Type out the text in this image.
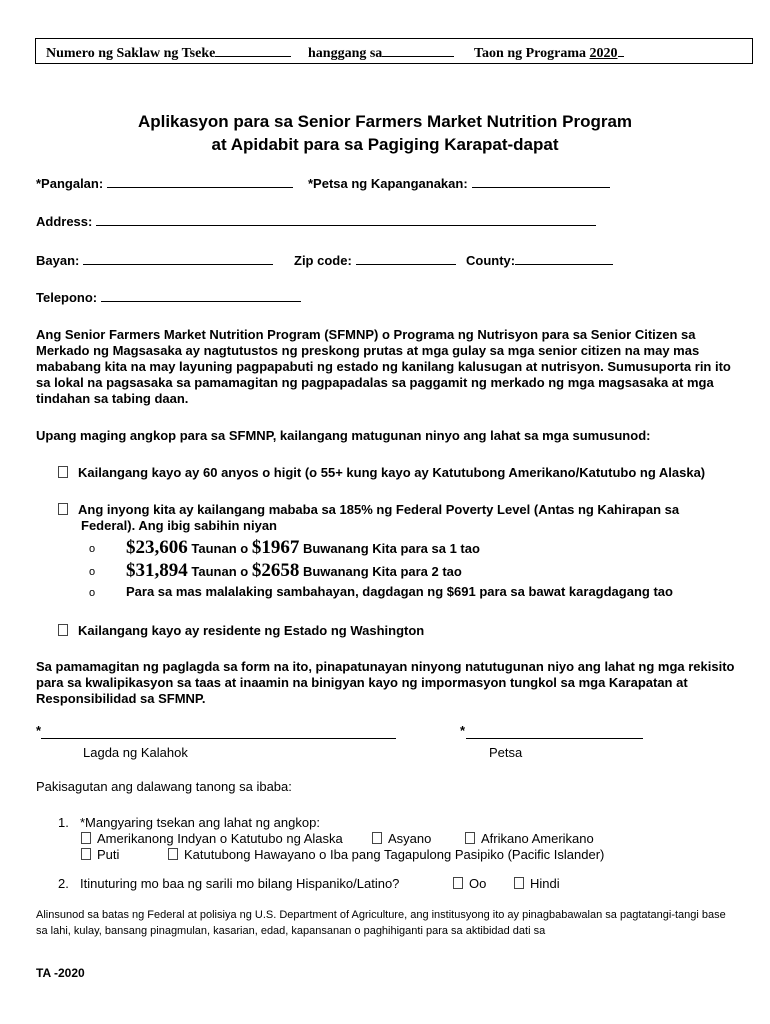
Numero ng Saklaw ng Tseke	hanggang sa	Taon ng Programa 2020
Aplikasyon para sa Senior Farmers Market Nutrition Program
at Apidabit para sa Pagiging Karapat-dapat
*Pangalan:	*Petsa ng Kapanganakan:
Address:
Bayan:	Zip code:	County:
Telepono:

Ang Senior Farmers Market Nutrition Program (SFMNP) o Programa ng Nutrisyon para sa Senior Citizen sa Merkado ng Magsasaka ay nagtutustos ng preskong prutas at mga gulay sa mga senior citizen na may mas mababang kita na may layuning pagpapabuti ng estado ng kanilang kalusugan at nutrisyon. Sumusuporta rin ito sa lokal na pagsasaka sa pamamagitan ng pagpapadalas sa paggamit ng merkado ng mga magsasaka at mga tindahan sa tabing daan.

Upang maging angkop para sa SFMNP, kailangang matugunan ninyo ang lahat sa mga sumusunod:

Kailangang kayo ay 60 anyos o higit (o 55+ kung kayo ay Katutubong Amerikano/Katutubo ng Alaska)
Ang inyong kita ay kailangang mababa sa 185% ng Federal Poverty Level (Antas ng Kahirapan sa
Federal). Ang ibig sabihin niyan
o $23,606 Taunan o $1967 Buwanang Kita para sa 1 tao
o $31,894 Taunan o $2658 Buwanang Kita para 2 tao
o Para sa mas malalaking sambahayan, dagdagan ng $691 para sa bawat karagdagang tao
Kailangang kayo ay residente ng Estado ng Washington

Sa pamamagitan ng paglagda sa form na ito, pinapatunayan ninyong natutugunan niyo ang lahat ng mga rekisito para sa kwalipikasyon sa taas at inaamin na binigyan kayo ng impormasyon tungkol sa mga Karapatan at Responsibilidad sa SFMNP.

*
Lagda ng Kalahok
*
Petsa
Pakisagutan ang dalawang tanong sa ibaba:
1. *Mangyaring tsekan ang lahat ng angkop:
Amerikanong Indyan o Katutubo ng Alaska	Asyano	Afrikano Amerikano
Puti	Katutubong Hawayano o Iba pang Tagapulong Pasipiko (Pacific Islander)
2. Itinuturing mo baa ng sarili mo bilang Hispaniko/Latino?	Oo	Hindi

Alinsunod sa batas ng Federal at polisiya ng U.S. Department of Agriculture, ang institusyong ito ay pinagbabawalan sa pagtatangi-tangi base sa lahi, kulay, bansang pinagmulan, kasarian, edad, kapansanan o paghihiganti para sa aktibidad dati sa

TA -2020
